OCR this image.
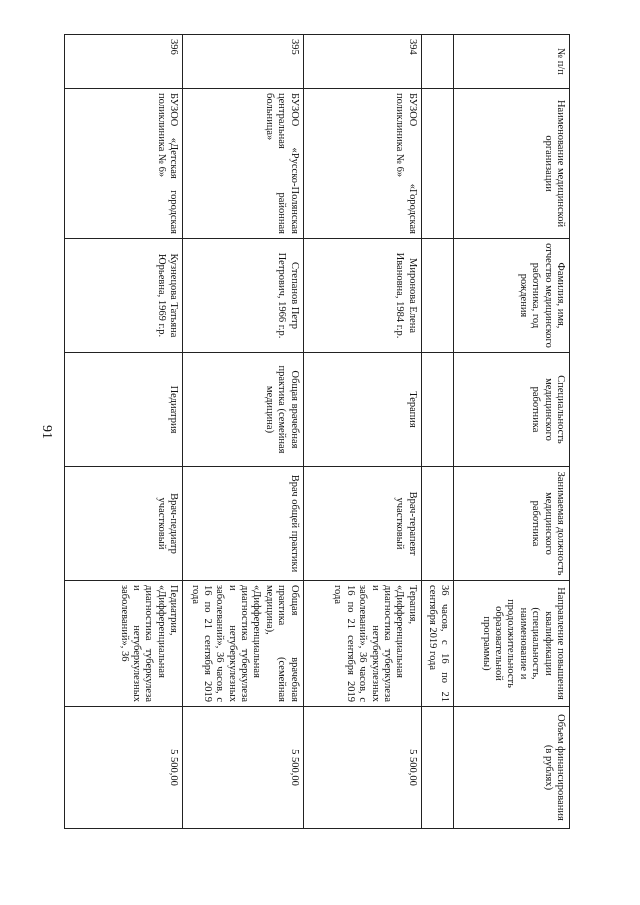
91
№ п/п	Наименование медицинской организации	Фамилия, имя, отчество медицинского работника, год рождения	Специальность медицинского работника	Занимаемая должность медицинского работника	Направление повышения квалификации (специальность, наименование и продолжительность образовательной программы)	Объем финансирования (в рублях)
					36 часов, с 16 по 21 сентября 2019 года	
394	БУЗОО «Городская поликлиника № 6»	Миронова Елена Ивановна, 1984 г.р.	Терапия	Врач-терапевт участковый	Терапия, «Дифференциальная диагностика туберкулеза и нетуберкулезных заболеваний», 36 часов, с 16 по 21 сентября 2019 года	5 500,00
395	БУЗОО «Русско-Полянская центральная районная больница»	Степанов Петр Петрович, 1966 г.р.	Общая врачебная практика (семейная медицина)	Врач общей практики	Общая врачебная практика (семейная медицина), «Дифференциальная диагностика туберкулеза и нетуберкулезных заболеваний», 36 часов, с 16 по 21 сентября 2019 года	5 500,00
396	БУЗОО «Детская городская поликлиника № 6»	Кузнецова Татьяна Юрьевна, 1969 г.р.	Педиатрия	Врач-педиатр участковый	Педиатрия, «Дифференциальная диагностика туберкулеза и нетуберкулезных заболеваний», 36	5 500,00
